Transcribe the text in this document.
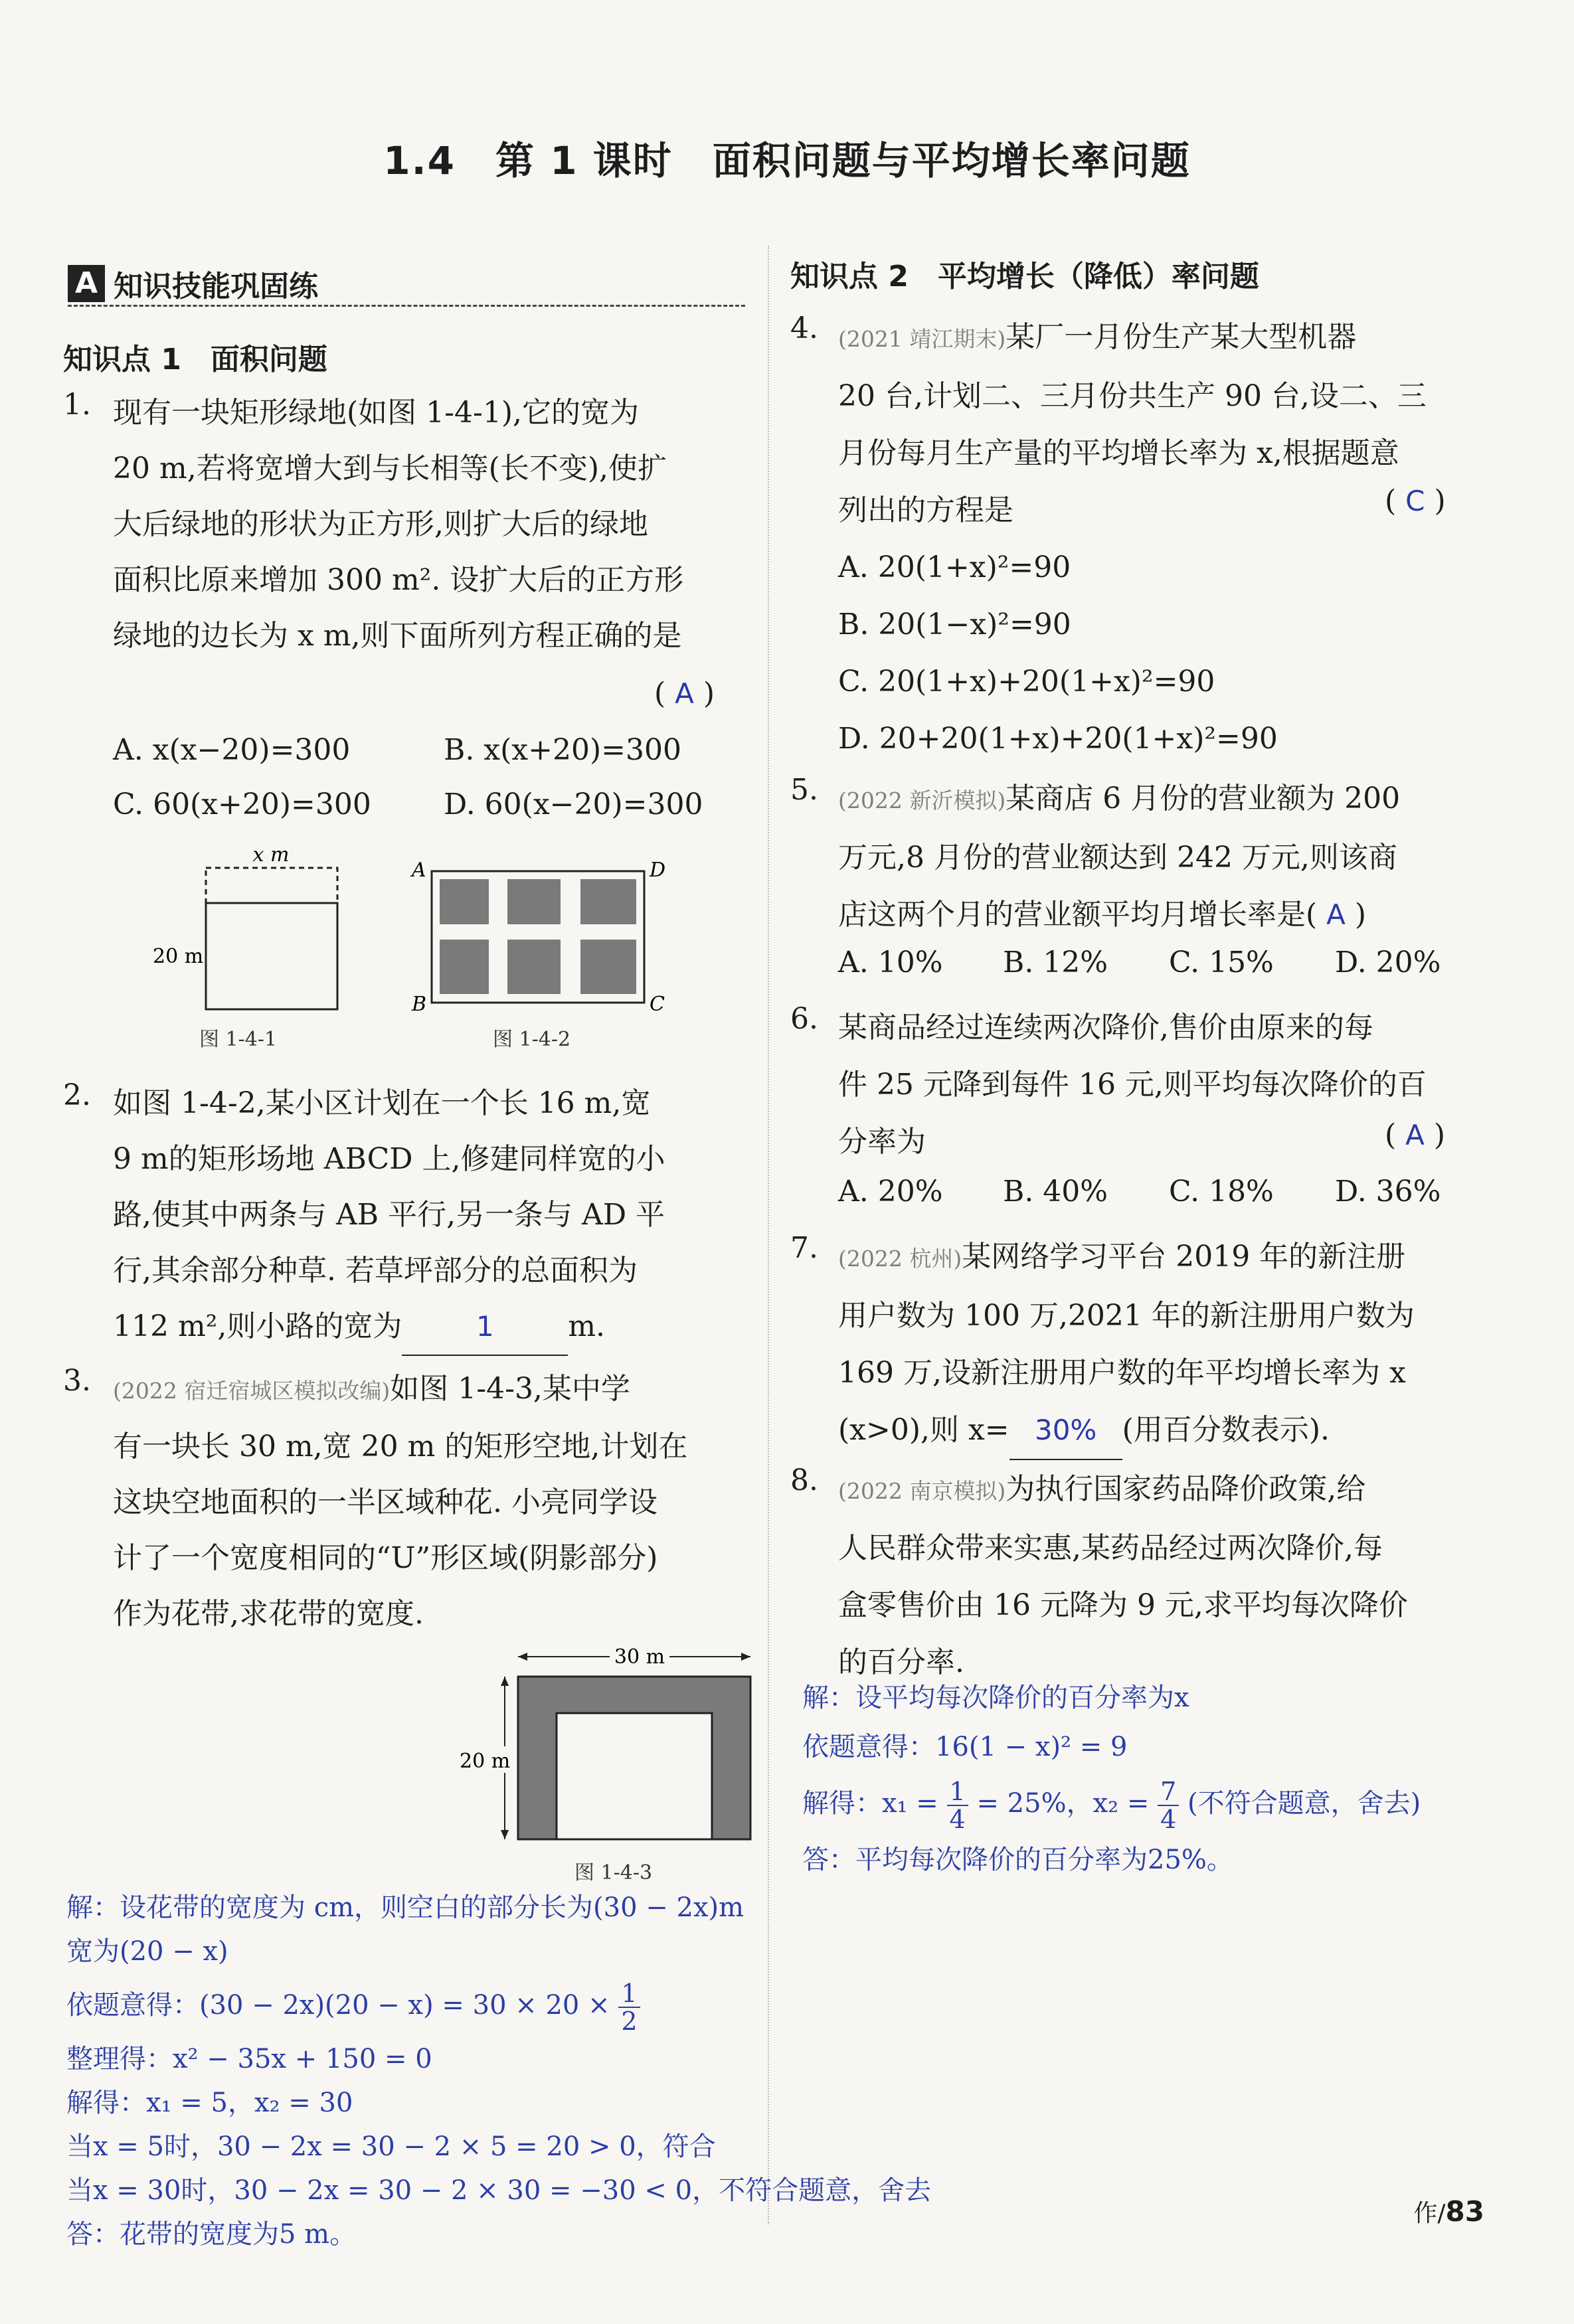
1.4　第 1 课时　面积问题与平均增长率问题
A 知识技能巩固练
知识点 1　面积问题
1. 现有一块矩形绿地(如图 1-4-1),它的宽为
20 m,若将宽增大到与长相等(长不变),使扩
大后绿地的形状为正方形,则扩大后的绿地
面积比原来增加 300 m². 设扩大后的正方形
绿地的边长为 x m,则下面所列方程正确的是
( A )
A. x(x−20)=300	B. x(x+20)=300
C. 60(x+20)=300 D. 60(x−20)=300
x m
20 m
图 1-4-1
A	D
B	C
图 1-4-2
2. 如图 1-4-2,某小区计划在一个长 16 m,宽
9 m的矩形场地 ABCD 上,修建同样宽的小
路,使其中两条与 AB 平行,另一条与 AD 平
行,其余部分种草. 若草坪部分的总面积为
112 m²,则小路的宽为	1	m.
3. (2022 宿迁宿城区模拟改编)如图 1-4-3,某中学
有一块长 30 m,宽 20 m 的矩形空地,计划在
这块空地面积的一半区域种花. 小亮同学设
计了一个宽度相同的“U”形区域(阴影部分)
作为花带,求花带的宽度.
30 m
20 m
图 1-4-3
解：设花带的宽度为 cm，则空白的部分长为(30 − 2x)m
宽为(20 − x)
依题意得：$(30 - 2x)(20 - x) = 30 \times 20 \times \frac{1}{2}$
整理得：x² − 35x + 150 = 0
解得：x₁ = 5，x₂ = 30
当x = 5时，30 − 2x = 30 − 2 × 5 = 20 > 0，符合
当x = 30时，30 − 2x = 30 − 2 × 30 = −30 < 0，不符合题意，舍去
答：花带的宽度为5 m。
知识点 2　平均增长（降低）率问题
4. (2021 靖江期末)某厂一月份生产某大型机器
20 台,计划二、三月份共生产 90 台,设二、三
月份每月生产量的平均增长率为 x,根据题意
列出的方程是
A. 20(1+x)²=90
B. 20(1−x)²=90
C. 20(1+x)+20(1+x)²=90
D. 20+20(1+x)+20(1+x)²=90
( C )
5. (2022 新沂模拟)某商店 6 月份的营业额为 200
万元,8 月份的营业额达到 242 万元,则该商
店这两个月的营业额平均月增长率是( A )
A. 10% B. 12% C. 15% D. 20%
6. 某商品经过连续两次降价,售价由原来的每
件 25 元降到每件 16 元,则平均每次降价的百
分率为	( A )
A. 20% B. 40% C. 18% D. 36%
7. (2022 杭州)某网络学习平台 2019 年的新注册
用户数为 100 万,2021 年的新注册用户数为
169 万,设新注册用户数的年平均增长率为 x
(x>0),则 x= 30% (用百分数表示).
8. (2022 南京模拟)为执行国家药品降价政策,给
人民群众带来实惠,某药品经过两次降价,每
盒零售价由 16 元降为 9 元,求平均每次降价
的百分率.
解：设平均每次降价的百分率为x
依题意得：16(1 − x)² = 9
解得：$x_1 = \frac{1}{4} = 25\%$，$x_2 = \frac{7}{4}$ (不符合题意，舍去)
答：平均每次降价的百分率为25%。
作/83
